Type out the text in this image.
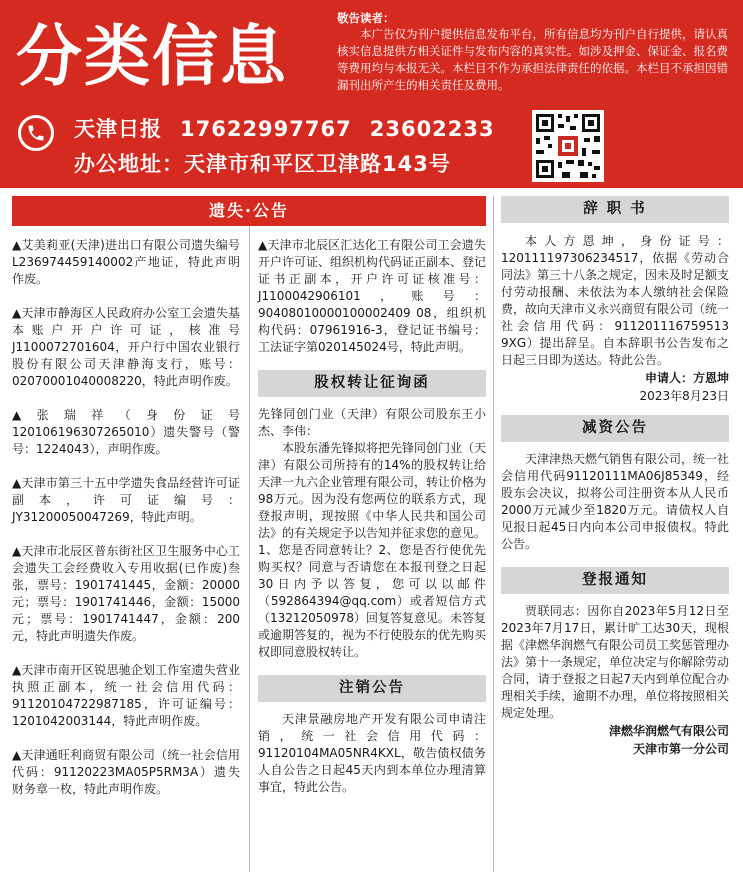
分类信息	敬告读者：

本广告仅为刊户提供信息发布平台，所有信息均为刊户自行提供，请认真核实信息提供方相关证件与发布内容的真实性。如涉及押金、保证金、报名费等费用均与本报无关。本栏目不作为承担法律责任的依据。本栏目不承担因错漏刊出所产生的相关责任及费用。

天津日报 17622997767 23602233
办公地址：天津市和平区卫津路143号
遗失·公告
▲艾美莉亚(天津)进出口有限公司遗失编号L236974459140002产地证，特此声明作废。
▲天津市静海区人民政府办公室工会遗失基本账户开户许可证，核准号J1100072701604，开户行中国农业银行股份有限公司天津静海支行，账号：02070001040008220，特此声明作废。
▲张瑞祥（身份证号120106196307265010）遗失警号（警号：1224043），声明作废。
▲天津市第三十五中学遗失食品经营许可证副本，许可证编号：JY31200050047269，特此声明。
▲天津市北辰区普东街社区卫生服务中心工会遗失工会经费收入专用收据(已作废)叁张，票号：1901741445，金额：20000元；票号：1901741446，金额：15000元；票号：1901741447，金额：200元，特此声明遗失作废。
▲天津市南开区锐思驰企划工作室遗失营业执照正副本，统一社会信用代码：91120104722987185，许可证编号：1201042003144，特此声明作废。
▲天津通旺利商贸有限公司（统一社会信用代码：91120223MA05P5RM3A）遗失财务章一枚，特此声明作废。
▲天津市北辰区汇达化工有限公司工会遗失开户许可证、组织机构代码证正副本、登记证书正副本，开户许可证核准号：J1100042906101，账号：90408010000100002409 08，组织机构代码：07961916-3，登记证书编号：工法证字第020145024号，特此声明。
股权转让征询函
先锋同创门业（天津）有限公司股东王小杰、李伟：
本股东潘先锋拟将把先锋同创门业（天津）有限公司所持有的14%的股权转让给天津一九六企业管理有限公司，转让价格为98万元。因为没有您两位的联系方式，现登报声明，现按照《中华人民共和国公司法》的有关规定予以告知并征求您的意见。1、您是否同意转让？2、您是否行使优先购买权？同意与否请您在本报刊登之日起30日内予以答复，您可以以邮件（592864394@qq.com）或者短信方式（13212050978）回复答复意见。未答复或逾期答复的，视为不行使股东的优先购买权即同意股权转让。
注销公告
天津景融房地产开发有限公司申请注销，统一社会信用代码：91120104MA05NR4KXL，敬告债权债务人自公告之日起45天内到本单位办理清算事宜，特此公告。
辞 职 书
本人方恩坤，身份证号：120111197306234517，依据《劳动合同法》第三十八条之规定，因未及时足额支付劳动报酬、未依法为本人缴纳社会保险费，故向天津市义永兴商贸有限公司（统一社会信用代码：911201116759513 9XG）提出辞呈。自本辞职书公告发布之日起三日即为送达。特此公告。
申请人：方恩坤
2023年8月23日
减资公告
天津津热天燃气销售有限公司，统一社会信用代码91120111MA06J85349，经股东会决议，拟将公司注册资本从人民币2000万元减少至1820万元。请债权人自见报日起45日内向本公司申报债权。特此公告。
登报通知
贾联同志：因你自2023年5月12日至2023年7月17日，累计旷工达30天，现根据《津燃华润燃气有限公司员工奖惩管理办法》第十一条规定，单位决定与你解除劳动合同，请于登报之日起7天内到单位配合办理相关手续，逾期不办理，单位将按照相关规定处理。
津燃华润燃气有限公司
天津市第一分公司
